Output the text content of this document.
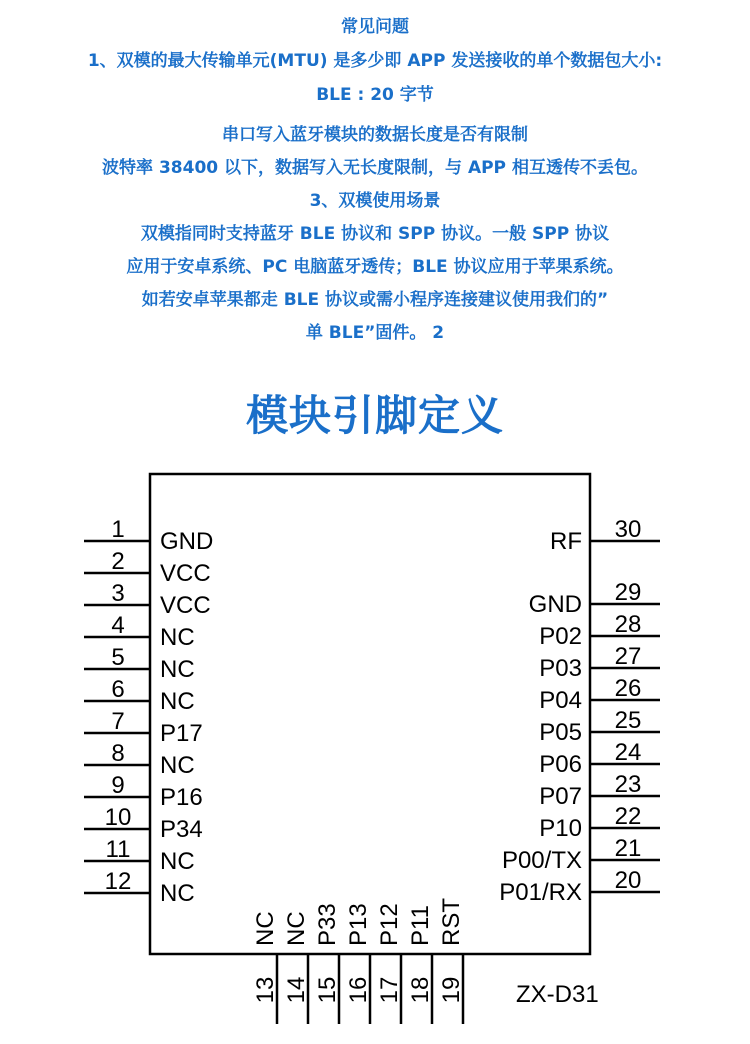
常见问题
1、双模的最大传输单元(MTU) 是多少即 APP 发送接收的单个数据包大小:
BLE : 20 字节
串口写入蓝牙模块的数据长度是否有限制
波特率 38400 以下，数据写入无长度限制，与 APP 相互透传不丢包。
3、双模使用场景
双模指同时支持蓝牙 BLE 协议和 SPP 协议。一般 SPP 协议
应用于安卓系统、PC 电脑蓝牙透传；BLE 协议应用于苹果系统。
如若安卓苹果都走 BLE 协议或需小程序连接建议使用我们的”
单 BLE”固件。 2
模块引脚定义
1 GND
2 VCC
3 VCC
4 NC
5 NC
6 NC
7 P17
8 NC
9 P16
10 P34
11 NC
12 NC
30
RF
29
GND
28
P02
27
P03
26
P04
25
P05
24
P06
23
P07
22
P10
21
P00/TX
20
P01/RX
NC
13
NC
14
P33
15
P13
16
P12
17
P11
18
RST
19 ZX-D31
